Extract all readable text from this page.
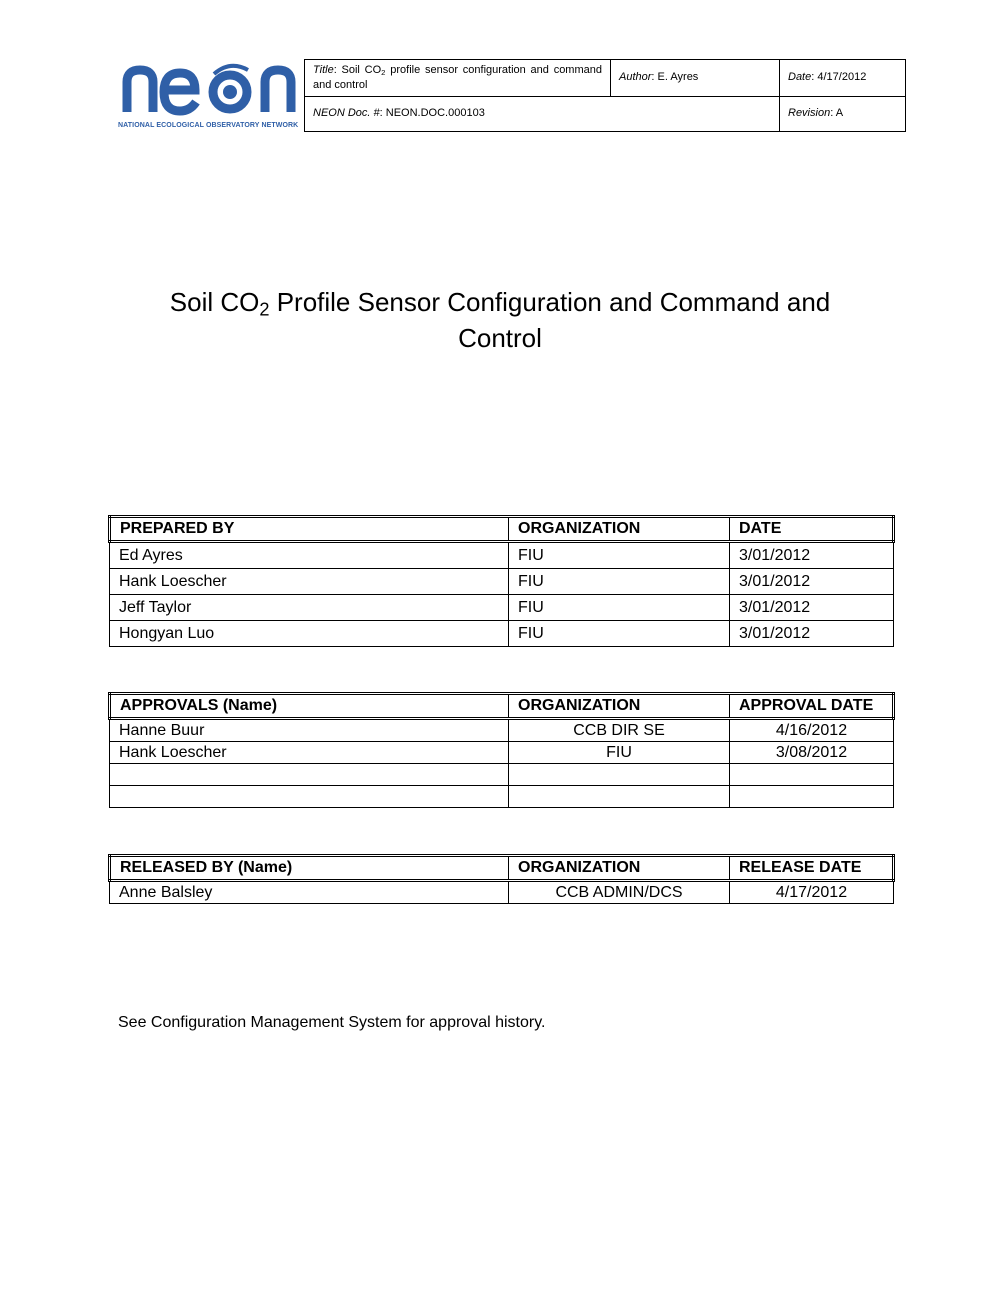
NATIONAL ECOLOGICAL OBSERVATORY NETWORK
Title: Soil $CO_2$ profile sensor configuration and command and control
Author: E. Ayres	Date: 4/17/2012
NEON Doc. #: NEON.DOC.000103	Revision: A
Soil $CO_2$ Profile Sensor Configuration and Command and
Control
PREPARED BY	ORGANIZATION	DATE
Ed Ayres	FIU	3/01/2012
Hank Loescher	FIU	3/01/2012
Jeff Taylor	FIU	3/01/2012
Hongyan Luo	FIU	3/01/2012
APPROVALS (Name)	ORGANIZATION	APPROVAL DATE
Hanne Buur	CCB DIR SE	4/16/2012
Hank Loescher	FIU	3/08/2012

RELEASED BY (Name)	ORGANIZATION	RELEASE DATE
Anne Balsley	CCB ADMIN/DCS	4/17/2012
See Configuration Management System for approval history.
